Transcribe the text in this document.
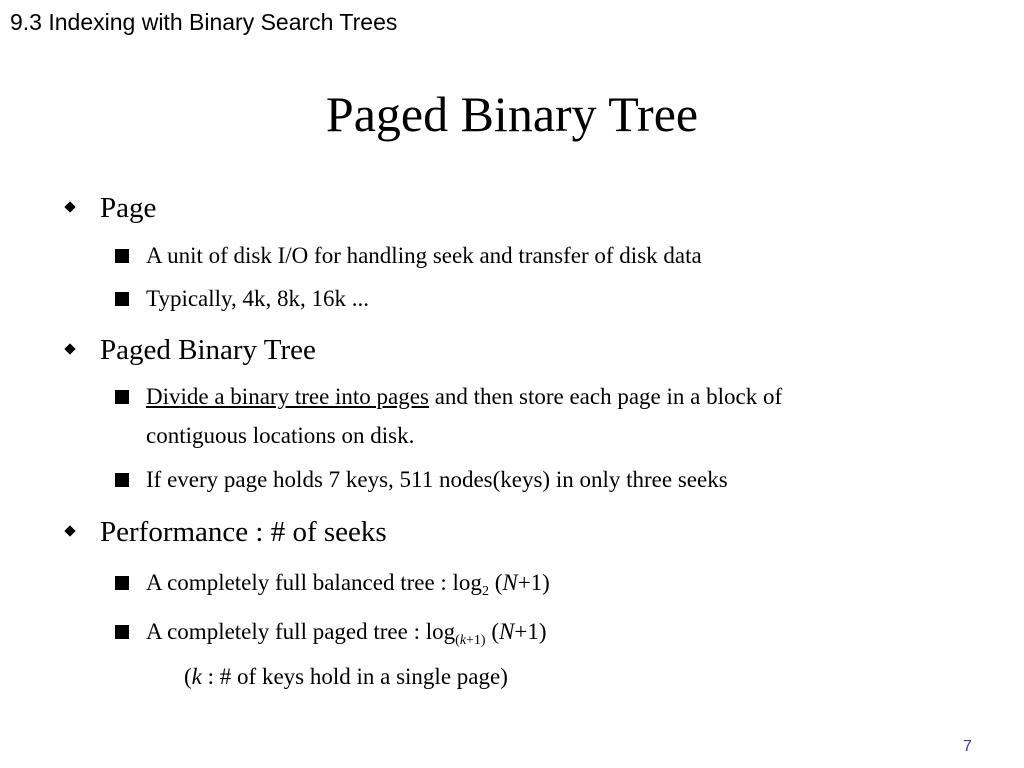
9.3 Indexing with Binary Search Trees
Paged Binary Tree
Page
A unit of disk I/O for handling seek and transfer of disk data
Typically, 4k, 8k, 16k ...
Paged Binary Tree
Divide a binary tree into pages and then store each page in a block of
contiguous locations on disk.
If every page holds 7 keys, 511 nodes(keys) in only three seeks
Performance : # of seeks
A completely full balanced tree : $\log_2 (N+1)$
A completely full paged tree : $\log_{(k+1)} (N+1)$
(k : # of keys hold in a single page)
7
